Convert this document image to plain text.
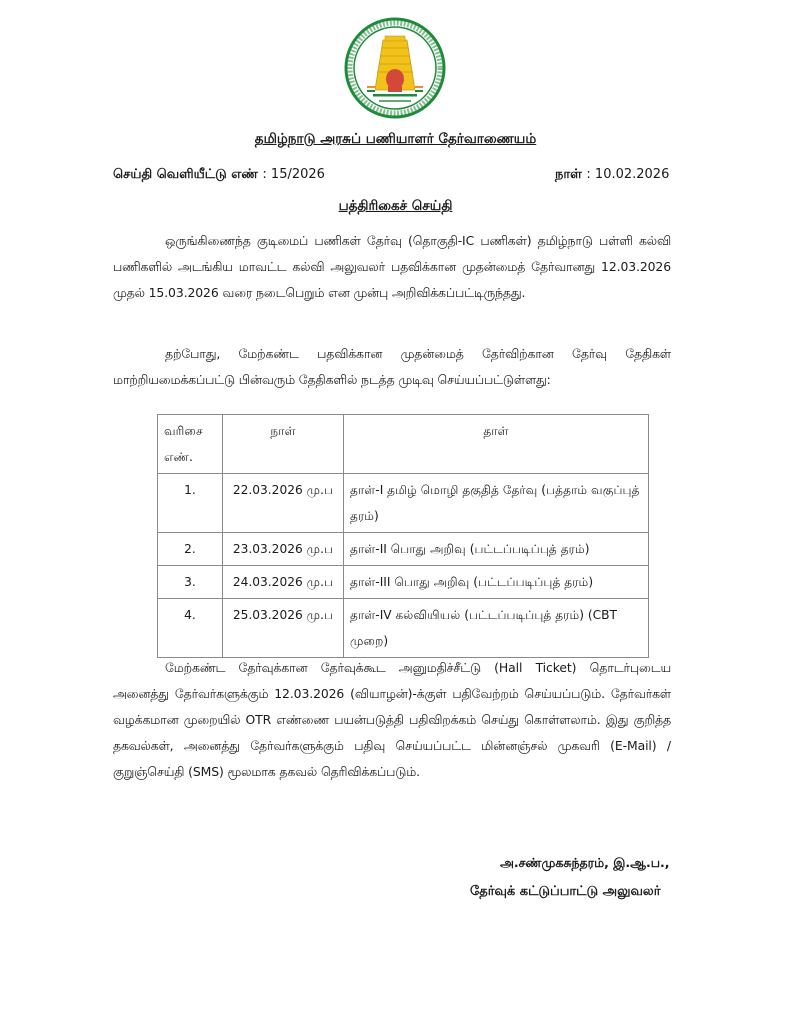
தமிழ்நாடு அரசுப் பணியாளர் தேர்வாணையம்
செய்தி வெளியீட்டு எண் : 15/2026	நாள் : 10.02.2026
பத்திரிகைச் செய்தி

ஒருங்கிணைந்த குடிமைப் பணிகள் தேர்வு (தொகுதி-IC பணிகள்) தமிழ்நாடு பள்ளி கல்வி பணிகளில் அடங்கிய மாவட்ட கல்வி அலுவலர் பதவிக்கான முதன்மைத் தேர்வானது 12.03.2026 முதல் 15.03.2026 வரை நடைபெறும் என முன்பு அறிவிக்கப்பட்டிருந்தது.

தற்போது, மேற்கண்ட பதவிக்கான முதன்மைத் தேர்விற்கான தேர்வு தேதிகள் மாற்றியமைக்கப்பட்டு பின்வரும் தேதிகளில் நடத்த முடிவு செய்யப்பட்டுள்ளது:

வரிசை எண்.	நாள்	தாள்
1.	22.03.2026 மு.ப	தாள்-I தமிழ் மொழி தகுதித் தேர்வு (பத்தாம் வகுப்புத் தரம்)
2.	23.03.2026 மு.ப	தாள்-II பொது அறிவு (பட்டப்படிப்புத் தரம்)
3.	24.03.2026 மு.ப	தாள்-III பொது அறிவு (பட்டப்படிப்புத் தரம்)
4.	25.03.2026 மு.ப	தாள்-IV கல்வியியல் (பட்டப்படிப்புத் தரம்) (CBT முறை)

மேற்கண்ட தேர்வுக்கான தேர்வுக்கூட அனுமதிச்சீட்டு (Hall Ticket) தொடர்புடைய அனைத்து தேர்வர்களுக்கும் 12.03.2026 (வியாழன்)-க்குள் பதிவேற்றம் செய்யப்படும். தேர்வர்கள் வழக்கமான முறையில் OTR எண்ணை பயன்படுத்தி பதிவிறக்கம் செய்து கொள்ளலாம். இது குறித்த தகவல்கள், அனைத்து தேர்வர்களுக்கும் பதிவு செய்யப்பட்ட மின்னஞ்சல் முகவரி (E-Mail) / குறுஞ்செய்தி (SMS) மூலமாக தகவல் தெரிவிக்கப்படும்.

அ.சண்முகசுந்தரம், இ.ஆ.ப.,
தேர்வுக் கட்டுப்பாட்டு அலுவலர்
